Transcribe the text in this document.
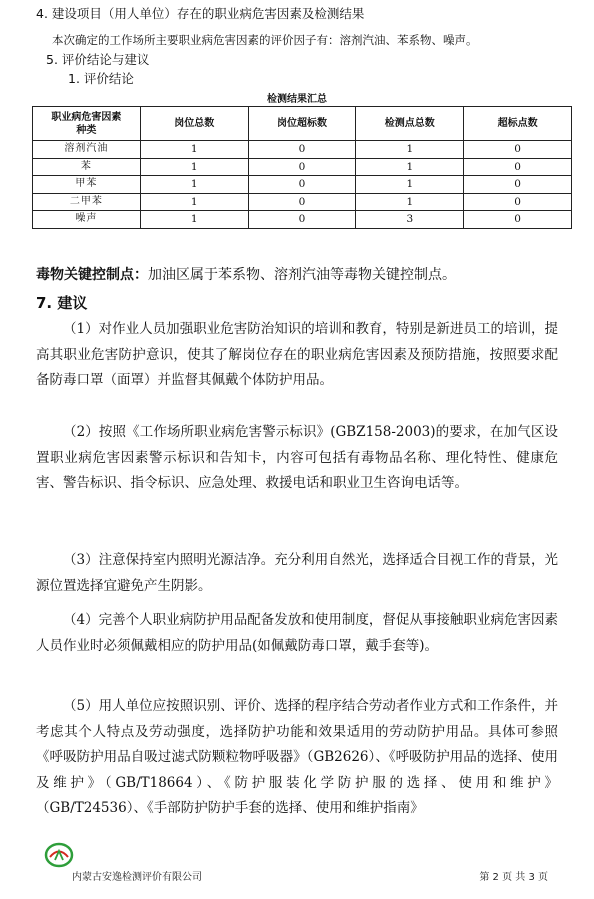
4. 建设项目（用人单位）存在的职业病危害因素及检测结果
本次确定的工作场所主要职业病危害因素的评价因子有：溶剂汽油、苯系物、噪声。
5. 评价结论与建议
1. 评价结论
检测结果汇总
职业病危害因素种类	岗位总数	岗位超标数	检测点总数	超标点数
溶剂汽油	1	0	1	0
苯	1	0	1	0
甲苯	1	0	1	0
二甲苯	1	0	1	0
噪声	1	0	3	0
毒物关键控制点：加油区属于苯系物、溶剂汽油等毒物关键控制点。
7. 建议

（1）对作业人员加强职业危害防治知识的培训和教育，特别是新进员工的培训，提高其职业危害防护意识，使其了解岗位存在的职业病危害因素及预防措施，按照要求配备防毒口罩（面罩）并监督其佩戴个体防护用品。

（2）按照《工作场所职业病危害警示标识》(GBZ158-2003)的要求，在加气区设置职业病危害因素警示标识和告知卡，内容可包括有毒物品名称、理化特性、健康危害、警告标识、指令标识、应急处理、救援电话和职业卫生咨询电话等。

（3）注意保持室内照明光源洁净。充分利用自然光，选择适合目视工作的背景，光源位置选择宜避免产生阴影。

（4）完善个人职业病防护用品配备发放和使用制度，督促从事接触职业病危害因素人员作业时必须佩戴相应的防护用品(如佩戴防毒口罩，戴手套等)。

（5）用人单位应按照识别、评价、选择的程序结合劳动者作业方式和工作条件，并考虑其个人特点及劳动强度，选择防护功能和效果适用的劳动防护用品。具体可参照《呼吸防护用品自吸过滤式防颗粒物呼吸器》（GB2626）、《呼吸防护用品的选择、使用及维护》（GB/T18664）、《防护服装化学防护服的选择、使用和维护》（GB/T24536）、《手部防护防护手套的选择、使用和维护指南》

内蒙古安逸检测评价有限公司	第 2 页 共 3 页
